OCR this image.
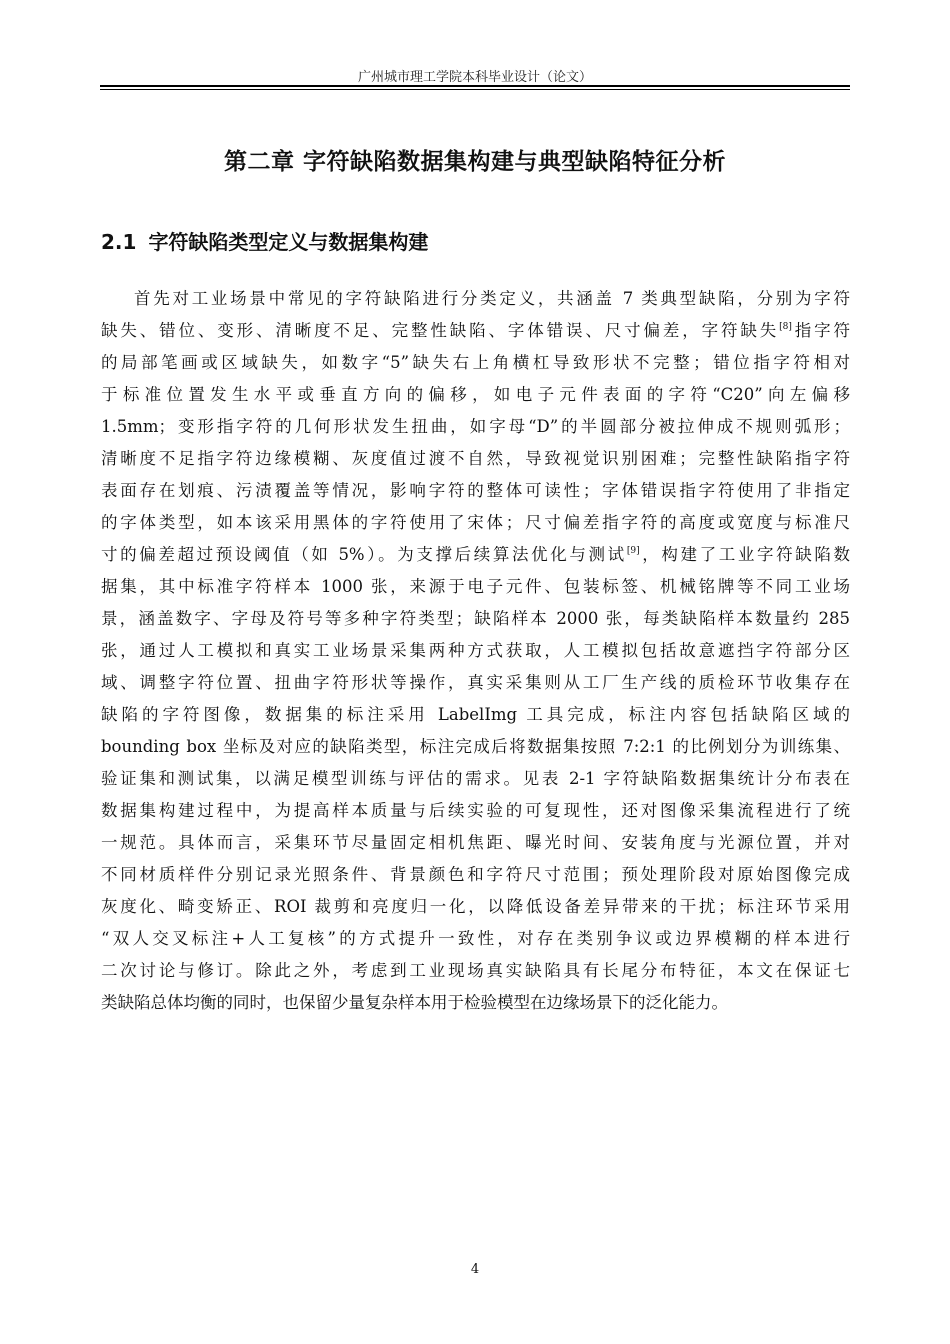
广州城市理工学院本科毕业设计（论文）
第二章 字符缺陷数据集构建与典型缺陷特征分析
2.1 字符缺陷类型定义与数据集构建
首先对工业场景中常见的字符缺陷进行分类定义，共涵盖 7 类典型缺陷，分别为字符
缺失、错位、变形、清晰度不足、完整性缺陷、字体错误、尺寸偏差，字符缺失[8]指字符
的局部笔画或区域缺失，如数字“5”缺失右上角横杠导致形状不完整；错位指字符相对
于标准位置发生水平或垂直方向的偏移，如电子元件表面的字符“C20”向左偏移
1.5mm；变形指字符的几何形状发生扭曲，如字母“D”的半圆部分被拉伸成不规则弧形；
清晰度不足指字符边缘模糊、灰度值过渡不自然，导致视觉识别困难；完整性缺陷指字符
表面存在划痕、污渍覆盖等情况，影响字符的整体可读性；字体错误指字符使用了非指定
的字体类型，如本该采用黑体的字符使用了宋体；尺寸偏差指字符的高度或宽度与标准尺
寸的偏差超过预设阈值（如 5%）。为支撑后续算法优化与测试[9]，构建了工业字符缺陷数
据集，其中标准字符样本 1000 张，来源于电子元件、包装标签、机械铭牌等不同工业场
景，涵盖数字、字母及符号等多种字符类型；缺陷样本 2000 张，每类缺陷样本数量约 285
张，通过人工模拟和真实工业场景采集两种方式获取，人工模拟包括故意遮挡字符部分区
域、调整字符位置、扭曲字符形状等操作，真实采集则从工厂生产线的质检环节收集存在
缺陷的字符图像，数据集的标注采用 LabelImg 工具完成，标注内容包括缺陷区域的
bounding box 坐标及对应的缺陷类型，标注完成后将数据集按照 7:2:1 的比例划分为训练集、
验证集和测试集，以满足模型训练与评估的需求。见表 2-1 字符缺陷数据集统计分布表在
数据集构建过程中，为提高样本质量与后续实验的可复现性，还对图像采集流程进行了统
一规范。具体而言，采集环节尽量固定相机焦距、曝光时间、安装角度与光源位置，并对
不同材质样件分别记录光照条件、背景颜色和字符尺寸范围；预处理阶段对原始图像完成
灰度化、畸变矫正、ROI 裁剪和亮度归一化，以降低设备差异带来的干扰；标注环节采用
“双人交叉标注+人工复核”的方式提升一致性，对存在类别争议或边界模糊的样本进行
二次讨论与修订。除此之外，考虑到工业现场真实缺陷具有长尾分布特征，本文在保证七
类缺陷总体均衡的同时，也保留少量复杂样本用于检验模型在边缘场景下的泛化能力。
4
